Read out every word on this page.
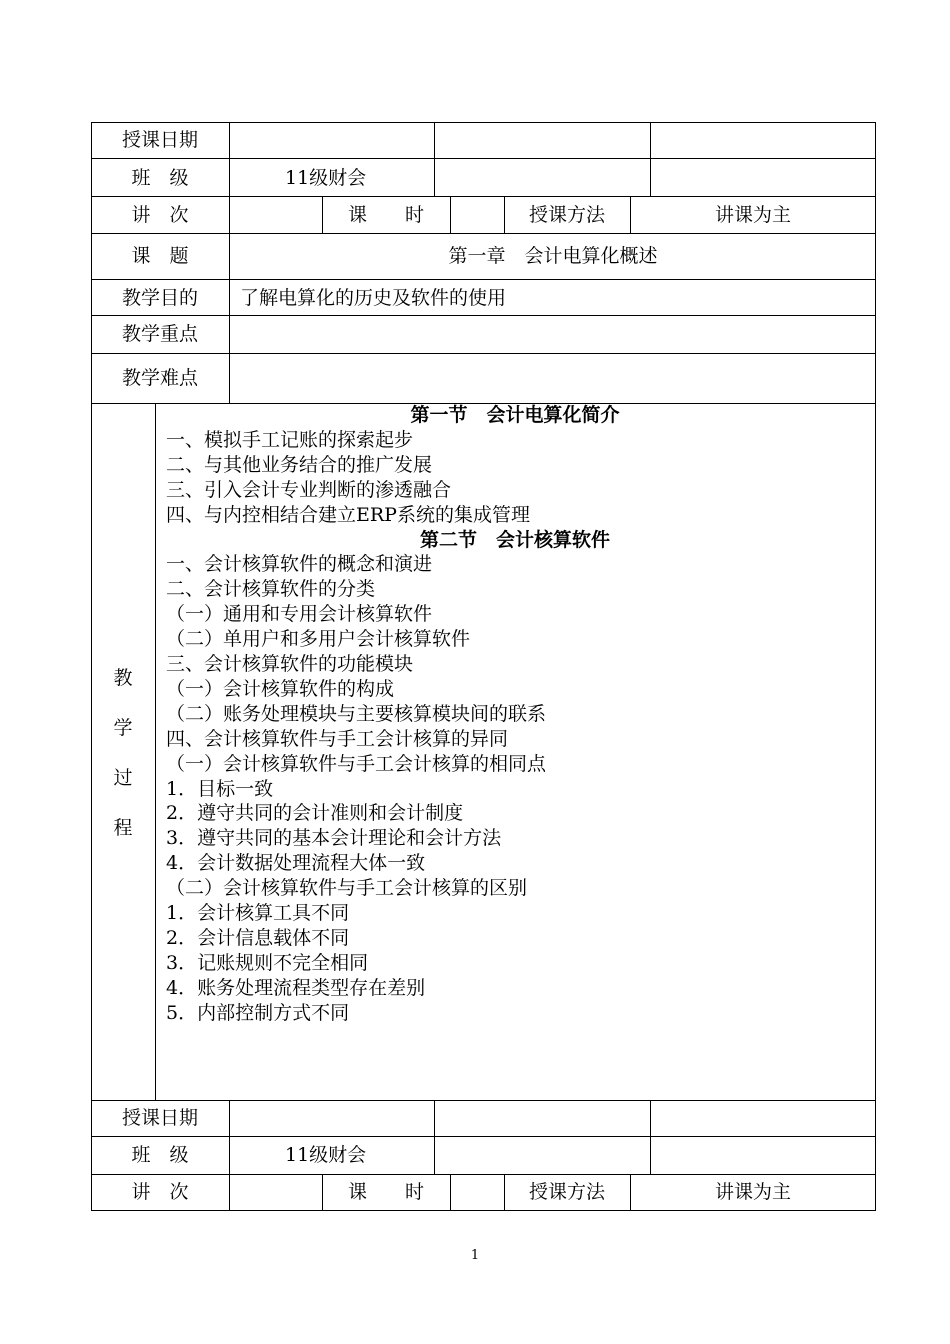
授课日期
班　级	11级财会
讲　次	课　　时	授课方法	讲课为主
课　题	第一章　会计电算化概述
教学目的 了解电算化的历史及软件的使用
教学重点
教学难点
教
学
过
程
第一节　会计电算化简介
一、模拟手工记账的探索起步
二、与其他业务结合的推广发展
三、引入会计专业判断的渗透融合
四、与内控相结合建立ERP系统的集成管理
第二节　会计核算软件
一、会计核算软件的概念和演进
二、会计核算软件的分类
（一）通用和专用会计核算软件
（二）单用户和多用户会计核算软件
三、会计核算软件的功能模块
（一）会计核算软件的构成
（二）账务处理模块与主要核算模块间的联系
四、会计核算软件与手工会计核算的异同
（一）会计核算软件与手工会计核算的相同点
1．目标一致
2．遵守共同的会计准则和会计制度
3．遵守共同的基本会计理论和会计方法
4．会计数据处理流程大体一致
（二）会计核算软件与手工会计核算的区别
1．会计核算工具不同
2．会计信息载体不同
3．记账规则不完全相同
4．账务处理流程类型存在差别
5．内部控制方式不同
授课日期
班　级	11级财会
讲　次	课　　时	授课方法	讲课为主
1
